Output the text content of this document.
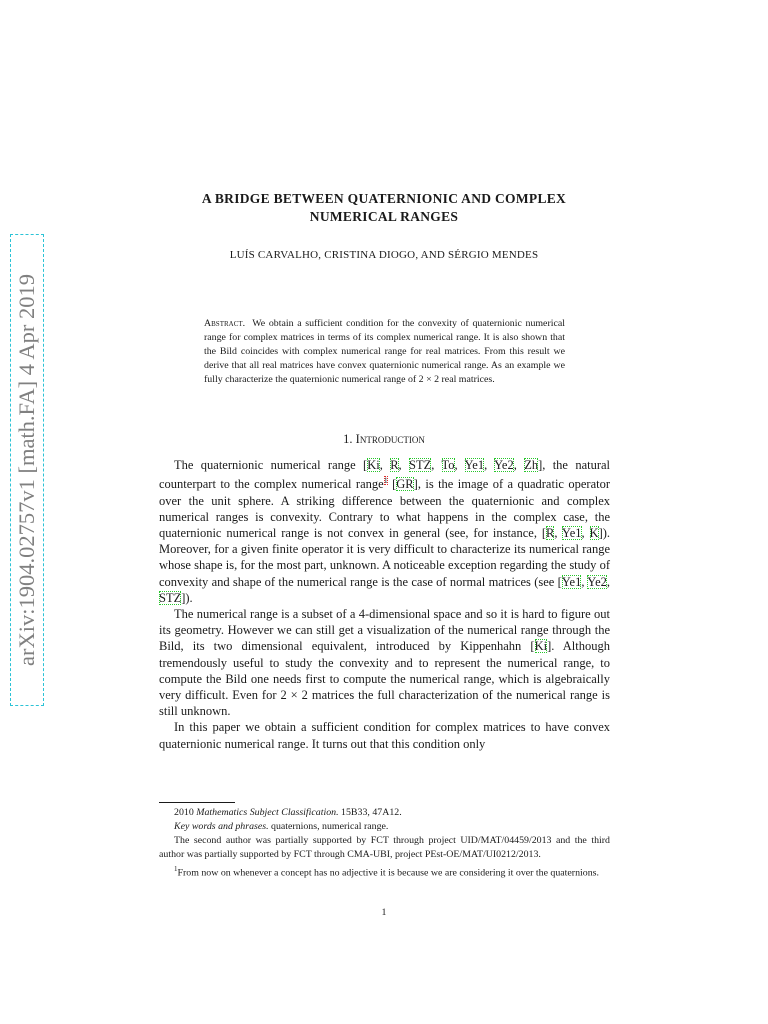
arXiv:1904.02757v1 [math.FA] 4 Apr 2019
A BRIDGE BETWEEN QUATERNIONIC AND COMPLEX
NUMERICAL RANGES
LUÍS CARVALHO, CRISTINA DIOGO, AND SÉRGIO MENDES
Abstract. We obtain a sufficient condition for the convexity of quaternionic numerical range for complex matrices in terms of its complex numerical range. It is also shown that the Bild coincides with complex numerical range for real matrices. From this result we derive that all real matrices have convex quaternionic numerical range. As an example we fully characterize the quaternionic numerical range of 2 × 2 real matrices.
1. Introduction

The quaternionic numerical range [Ki, R, STZ, To, Ye1, Ye2, Zh], the natural counterpart to the complex numerical range$^1$ [GR], is the image of a quadratic operator over the unit sphere. A striking difference between the quaternionic and complex numerical ranges is convexity. Contrary to what happens in the complex case, the quaternionic numerical range is not convex in general (see, for instance, [R, Ye1, K]). Moreover, for a given finite operator it is very difficult to characterize its numerical range whose shape is, for the most part, unknown. A noticeable exception regarding the study of convexity and shape of the numerical range is the case of normal matrices (see [Ye1, Ye2, STZ]).

The numerical range is a subset of a 4-dimensional space and so it is hard to figure out its geometry. However we can still get a visualization of the numerical range through the Bild, its two dimensional equivalent, introduced by Kippenhahn [Ki]. Although tremendously useful to study the convexity and to represent the numerical range, to compute the Bild one needs first to compute the numerical range, which is algebraically very difficult. Even for 2 × 2 matrices the full characterization of the numerical range is still unknown.

In this paper we obtain a sufficient condition for complex matrices to have convex quaternionic numerical range. It turns out that this condition only

2010 Mathematics Subject Classification. 15B33, 47A12.

Key words and phrases. quaternions, numerical range.

The second author was partially supported by FCT through project UID/MAT/04459/2013 and the third author was partially supported by FCT through CMA-UBI, project PEst-OE/MAT/UI0212/2013.

$^1$From now on whenever a concept has no adjective it is because we are considering it over the quaternions.

1
